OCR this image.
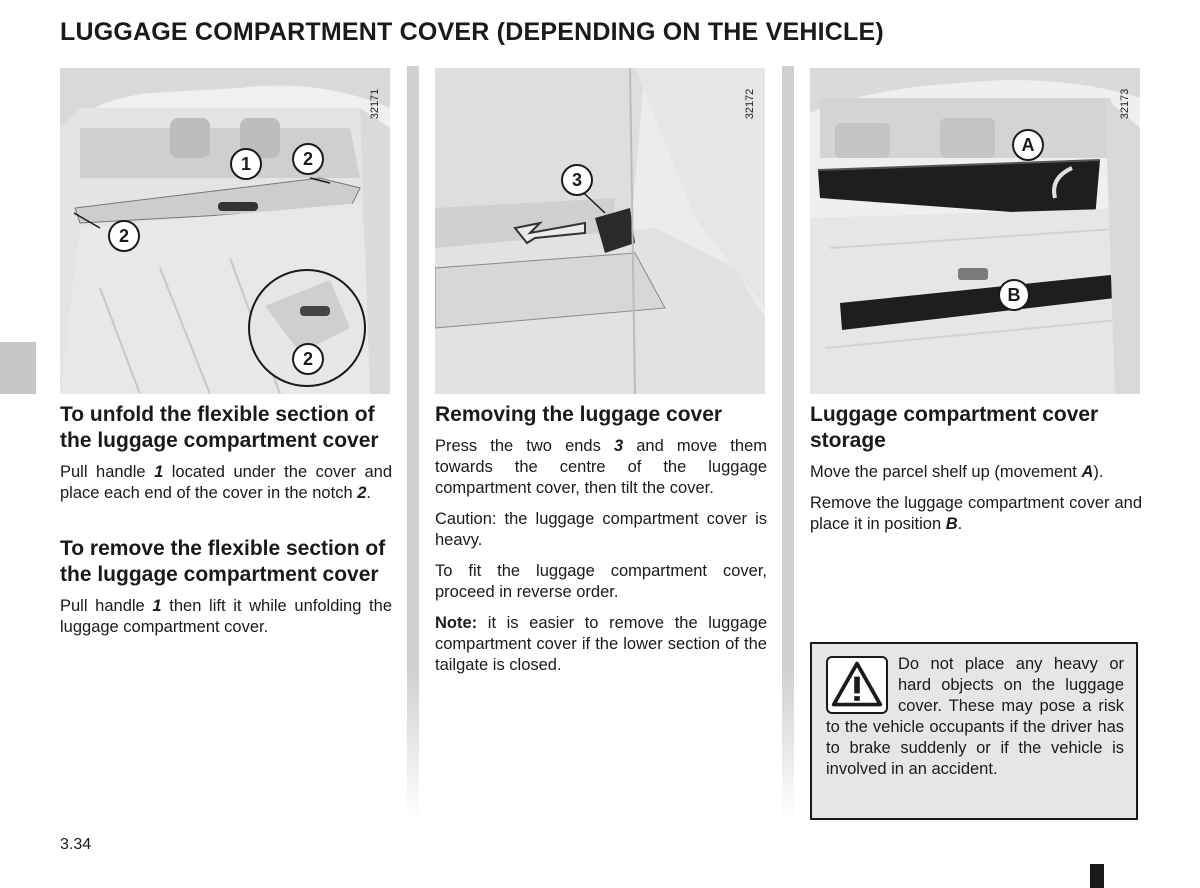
LUGGAGE COMPARTMENT COVER (DEPENDING ON THE VEHICLE)
32171
1	2
2
2
32172
3
32173
A
B
To unfold the flexible section of the luggage compartment cover

Pull handle 1 located under the cover and place each end of the cover in the notch 2.

To remove the flexible section of the luggage compartment cover

Pull handle 1 then lift it while unfolding the luggage compartment cover.

Removing the luggage cover

Press the two ends 3 and move them towards the centre of the luggage compartment cover, then tilt the cover.

Caution: the luggage compartment cover is heavy.

To fit the luggage compartment cover, proceed in reverse order.

Note: it is easier to remove the luggage compartment cover if the lower section of the tailgate is closed.

Luggage compartment cover storage

Move the parcel shelf up (movement A).

Remove the luggage compartment cover and place it in position B.

Do not place any heavy or hard objects on the luggage cover. These may pose a risk to the vehicle occupants if the driver has to brake suddenly or if the vehicle is involved in an accident.

3.34
